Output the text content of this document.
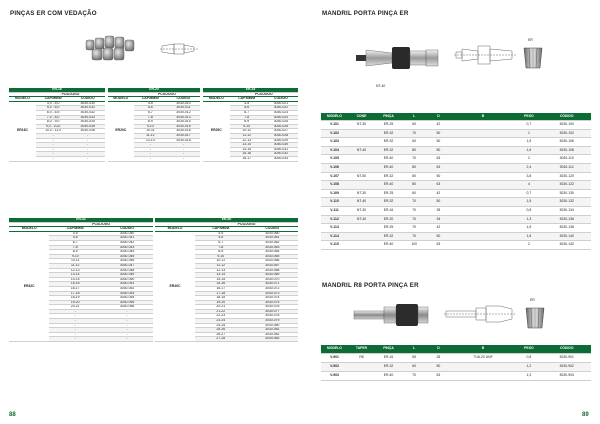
PINÇAS ER COM VEDAÇÃO	MANDRIL PORTA PINÇA ER
MANDRIL R8 PORTA PINÇA ER
88	89
NT-40
ER
ER
ER-16		
	PCS/JOGO	
MODELO	CAP.MM/Ø	CÓDIGO
ER16C	4,0 - 5,0	3030-030
	5,0 - 6,0	3030-031
	6,0 - 6,5	3030-032
	7,0 - 8,0	3030-033
	8,0 - 9,0	3030-034
	9,0 - 10,0	3030-035
	10,0 - 11,0	3030-036
	-	-
	-	-
	-	-
	-	-
	-	-
	-	-
ER-20		
	PCS/JOGO	
MODELO	CAP.MM/Ø	CÓDIGO
ER20C	4-5	3030-010
	5-6	3030-011
	6-7	3030-012
	7-8	3030-013
	8-9	3030-014
	9-10	3030-015
	10-11	3030-016
	11-12	3030-017
	12-13	3030-018
	-	-
	-	-
	-	-
	-	-
ER-25		
	PCS/JOGO	
MODELO	CAP.MM/Ø	CÓDIGO
ER25C	4-5	3030-021
	5-6	3030-022
	6-7	3030-023
	7-8	3030-024
	8-9	3030-025
	9-10	3030-026
	10-11	3030-027
	11-12	3030-028
	12-13	3030-029
	13-14	3030-030
	14-15	3030-031
	15-16	3030-032
	16-17	3030-033
ER-32		
	PCS/JOGO	
MODELO	CAP.MM/Ø	CÓDIGO
ER32C	4-5	3030-040
	5-6	3030-041
	6-7	3030-042
	7-8	3030-043
	8-9	3030-044
	9-10	3030-045
	10-11	3030-046
	11-12	3030-047
	12-13	3030-048
	13-14	3030-049
	14-15	3030-050
	15-16	3030-051
	16-17	3030-052
	17-18	3030-053
	18-19	3030-054
	19-20	3030-055
	20-21	3030-056
	-	-
	-	-
	-	-
	-	-
	-	-
	-	-
	-	-
ER-40		
	PCS/JOGO	
MODELO	CAP.MM/Ø	CÓDIGO
ER40C	4-5	3030-060
	5-6	3030-061
	6-7	3030-062
	7-8	3030-063
	8-9	3030-064
	9-10	3030-065
	10-11	3030-066
	11-12	3030-067
	12-13	3030-068
	13-14	3030-069
	14-15	3030-070
	15-16	3030-071
	16-17	3030-072
	17-18	3030-073
	18-19	3030-074
	19-20	3030-075
	20-21	3030-076
	21-22	3030-077
	22-23	3030-078
	23-24	3030-079
	24-25	3030-080
	25-26	3030-081
	26-27	3030-082
	27-28	3030-083
MODELO	CONE	PINÇA	L	D	B	PESO	CÓDIGO
V-101	NT-30	ER-25	60	42		0,7	3030-100
V-102		ER-32	70	50		1	3030-102
V-103		ER-32	60	50		1,5	3030-106
V-104	NT-40	ER-32	80	50		1,6	3030-108
V-105		ER-40	70	63		2	3030-110
V-106		ER-40	80	63		2,4	3030-112
V-107	NT-50	ER-32	80	50		3,8	3030-120
V-108		ER-40	80	63		4	3030-122
V-109	NT-30	ER-25	60	42		0,7	3030-130
V-110	NT-40	ER-32	70	50		1,5	3030-132
V-111	NT-30	ER-16	70	28		0,8	3030-134
V-112	NT-40	ER-20	70	34		1,3	3030-136
V-113		ER-25	70	42		1,5	3030-138
V-114		ER-32	70	50		1,6	3030-140
V-115		ER-40	100	63		2	3030-142
MODELO	TAPER	PINÇA	L	D	B	PESO	CÓDIGO
V-901	R8	ER-16	55	28	7/16-20 UNF	0,8	3030-901
V-902		ER-32	60	50		1,2	3030-902
V-903		ER-40	70	63		1,3	3030-903
